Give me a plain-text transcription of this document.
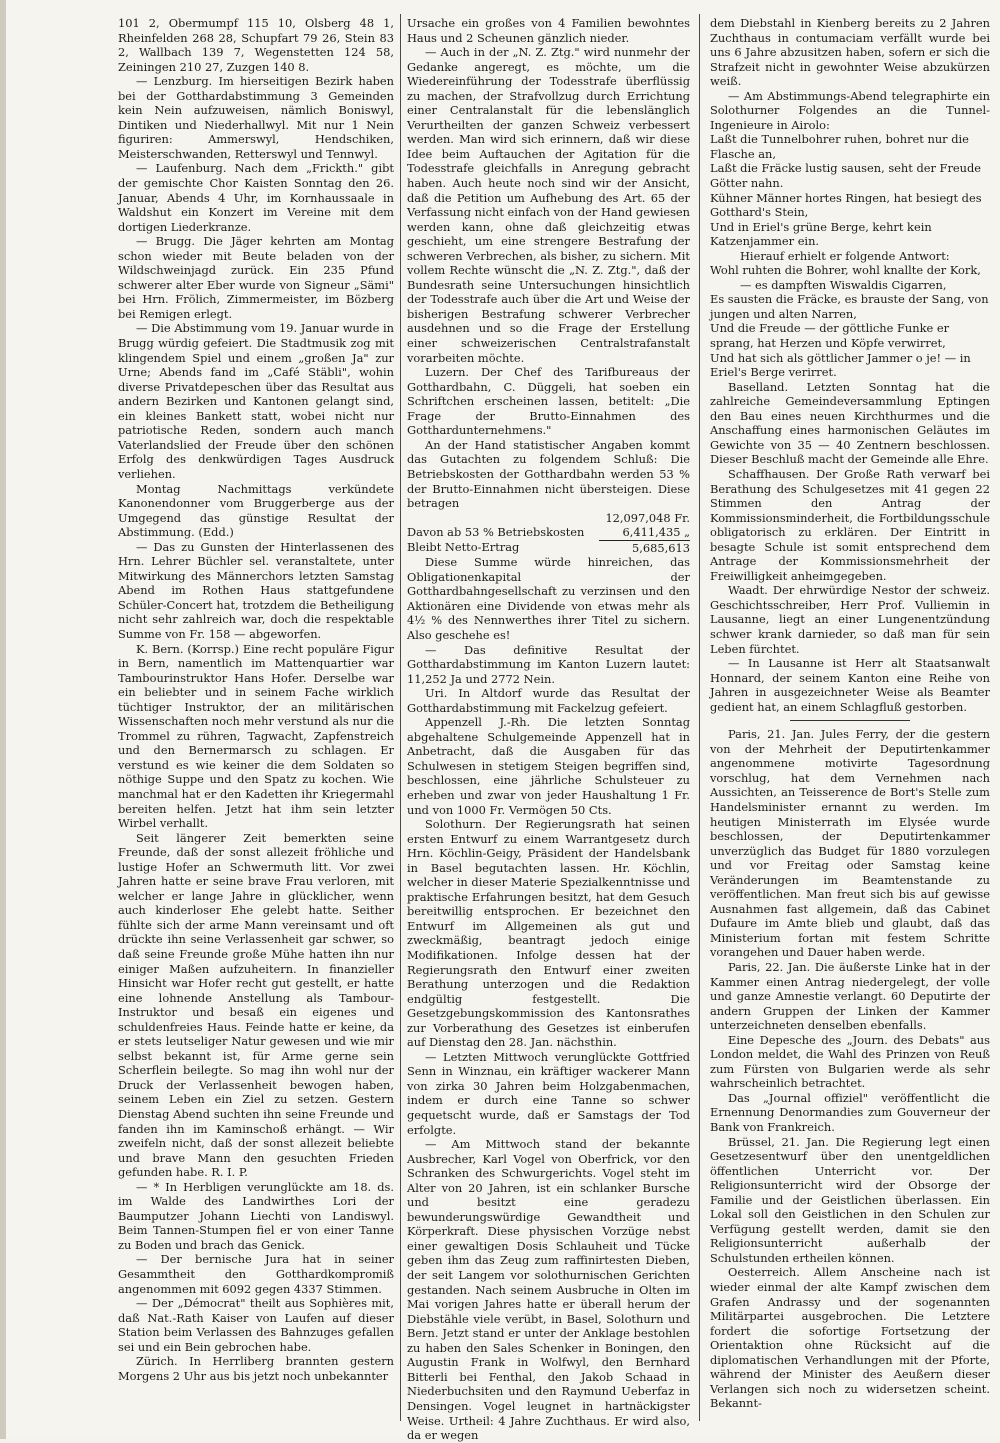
101 2, Obermumpf 115 10, Olsberg 48 1, Rheinfelden 268 28, Schupfart 79 26, Stein 83 2, Wallbach 139 7, Wegenstetten 124 58, Zeiningen 210 27, Zuzgen 140 8.

— Lenzburg. Im hierseitigen Bezirk haben bei der Gotthardabstimmung 3 Gemeinden kein Nein aufzuweisen, nämlich Boniswyl, Dintiken und Niederhallwyl. Mit nur 1 Nein figuriren: Ammerswyl, Hendschiken, Meisterschwanden, Retterswyl und Tennwyl.

— Laufenburg. Nach dem „Frickth." gibt der gemischte Chor Kaisten Sonntag den 26. Januar, Abends 4 Uhr, im Kornhaussaale in Waldshut ein Konzert im Vereine mit dem dortigen Liederkranze.

— Brugg. Die Jäger kehrten am Montag schon wieder mit Beute beladen von der Wildschweinjagd zurück. Ein 235 Pfund schwerer alter Eber wurde von Signeur „Sämi" bei Hrn. Frölich, Zimmermeister, im Bözberg bei Remigen erlegt.

— Die Abstimmung vom 19. Januar wurde in Brugg würdig gefeiert. Die Stadtmusik zog mit klingendem Spiel und einem „großen Ja" zur Urne; Abends fand im „Café Stäbli", wohin diverse Privatdepeschen über das Resultat aus andern Bezirken und Kantonen gelangt sind, ein kleines Bankett statt, wobei nicht nur patriotische Reden, sondern auch manch Vaterlandslied der Freude über den schönen Erfolg des denkwürdigen Tages Ausdruck verliehen.

Montag Nachmittags verkündete Kanonendonner vom Bruggerberge aus der Umgegend das günstige Resultat der Abstimmung. (Edd.)

— Das zu Gunsten der Hinterlassenen des Hrn. Lehrer Büchler sel. veranstaltete, unter Mitwirkung des Männerchors letzten Samstag Abend im Rothen Haus stattgefundene Schüler-Concert hat, trotzdem die Betheiligung nicht sehr zahlreich war, doch die respektable Summe von Fr. 158 — abgeworfen.

K. Bern. (Korrsp.) Eine recht populäre Figur in Bern, namentlich im Mattenquartier war Tambourinstruktor Hans Hofer. Derselbe war ein beliebter und in seinem Fache wirklich tüchtiger Instruktor, der an militärischen Wissenschaften noch mehr verstund als nur die Trommel zu rühren, Tagwacht, Zapfenstreich und den Bernermarsch zu schlagen. Er verstund es wie keiner die dem Soldaten so nöthige Suppe und den Spatz zu kochen. Wie manchmal hat er den Kadetten ihr Kriegermahl bereiten helfen. Jetzt hat ihm sein letzter Wirbel verhallt.

Seit längerer Zeit bemerkten seine Freunde, daß der sonst allezeit fröhliche und lustige Hofer an Schwermuth litt. Vor zwei Jahren hatte er seine brave Frau verloren, mit welcher er lange Jahre in glücklicher, wenn auch kinderloser Ehe gelebt hatte. Seither fühlte sich der arme Mann vereinsamt und oft drückte ihn seine Verlassenheit gar schwer, so daß seine Freunde große Mühe hatten ihn nur einiger Maßen aufzuheitern. In finanzieller Hinsicht war Hofer recht gut gestellt, er hatte eine lohnende Anstellung als Tambour-Instruktor und besaß ein eigenes und schuldenfreies Haus. Feinde hatte er keine, da er stets leutseliger Natur gewesen und wie mir selbst bekannt ist, für Arme gerne sein Scherflein beilegte. So mag ihn wohl nur der Druck der Verlassenheit bewogen haben, seinem Leben ein Ziel zu setzen. Gestern Dienstag Abend suchten ihn seine Freunde und fanden ihn im Kaminschoß erhängt. — Wir zweifeln nicht, daß der sonst allezeit beliebte und brave Mann den gesuchten Frieden gefunden habe. R. I. P.

— * In Herbligen verunglückte am 18. ds. im Walde des Landwirthes Lori der Baumputzer Johann Liechti von Landiswyl. Beim Tannen-Stumpen fiel er von einer Tanne zu Boden und brach das Genick.

— Der bernische Jura hat in seiner Gesammtheit den Gotthardkompromiß angenommen mit 6092 gegen 4337 Stimmen.

— Der „Démocrat" theilt aus Sophières mit, daß Nat.-Rath Kaiser von Laufen auf dieser Station beim Verlassen des Bahnzuges gefallen sei und ein Bein gebrochen habe.

Zürich. In Herrliberg brannten gestern Morgens 2 Uhr aus bis jetzt noch unbekannter

Ursache ein großes von 4 Familien bewohntes Haus und 2 Scheunen gänzlich nieder.

— Auch in der „N. Z. Ztg." wird nunmehr der Gedanke angeregt, es möchte, um die Wiedereinführung der Todesstrafe überflüssig zu machen, der Strafvollzug durch Errichtung einer Centralanstalt für die lebenslänglich Verurtheilten der ganzen Schweiz verbessert werden. Man wird sich erinnern, daß wir diese Idee beim Auftauchen der Agitation für die Todesstrafe gleichfalls in Anregung gebracht haben. Auch heute noch sind wir der Ansicht, daß die Petition um Aufhebung des Art. 65 der Verfassung nicht einfach von der Hand gewiesen werden kann, ohne daß gleichzeitig etwas geschieht, um eine strengere Bestrafung der schweren Verbrechen, als bisher, zu sichern. Mit vollem Rechte wünscht die „N. Z. Ztg.", daß der Bundesrath seine Untersuchungen hinsichtlich der Todesstrafe auch über die Art und Weise der bisherigen Bestrafung schwerer Verbrecher ausdehnen und so die Frage der Erstellung einer schweizerischen Centralstrafanstalt vorarbeiten möchte.

Luzern. Der Chef des Tarifbureaus der Gotthardbahn, C. Düggeli, hat soeben ein Schriftchen erscheinen lassen, betitelt: „Die Frage der Brutto-Einnahmen des Gotthardunternehmens."

An der Hand statistischer Angaben kommt das Gutachten zu folgendem Schluß: Die Betriebskosten der Gotthardbahn werden 53 % der Brutto-Einnahmen nicht übersteigen. Diese betragen

	12,097,048 Fr.
Davon ab 53 % Betriebskosten	6,411,435 „
Bleibt Netto-Ertrag	5,685,613

Diese Summe würde hinreichen, das Obligationenkapital der Gotthardbahngesellschaft zu verzinsen und den Aktionären eine Dividende von etwas mehr als 4½ % des Nennwerthes ihrer Titel zu sichern. Also geschehe es!

— Das definitive Resultat der Gotthardabstimmung im Kanton Luzern lautet: 11,252 Ja und 2772 Nein.

Uri. In Altdorf wurde das Resultat der Gotthardabstimmung mit Fackelzug gefeiert.

Appenzell J.-Rh. Die letzten Sonntag abgehaltene Schulgemeinde Appenzell hat in Anbetracht, daß die Ausgaben für das Schulwesen in stetigem Steigen begriffen sind, beschlossen, eine jährliche Schulsteuer zu erheben und zwar von jeder Haushaltung 1 Fr. und von 1000 Fr. Vermögen 50 Cts.

Solothurn. Der Regierungsrath hat seinen ersten Entwurf zu einem Warrantgesetz durch Hrn. Köchlin-Geigy, Präsident der Handelsbank in Basel begutachten lassen. Hr. Köchlin, welcher in dieser Materie Spezialkenntnisse und praktische Erfahrungen besitzt, hat dem Gesuch bereitwillig entsprochen. Er bezeichnet den Entwurf im Allgemeinen als gut und zweckmäßig, beantragt jedoch einige Modifikationen. Infolge dessen hat der Regierungsrath den Entwurf einer zweiten Berathung unterzogen und die Redaktion endgültig festgestellt. Die Gesetzgebungskommission des Kantonsrathes zur Vorberathung des Gesetzes ist einberufen auf Dienstag den 28. Jan. nächsthin.

— Letzten Mittwoch verunglückte Gottfried Senn in Winznau, ein kräftiger wackerer Mann von zirka 30 Jahren beim Holzgabenmachen, indem er durch eine Tanne so schwer gequetscht wurde, daß er Samstags der Tod erfolgte.

— Am Mittwoch stand der bekannte Ausbrecher, Karl Vogel von Oberfrick, vor den Schranken des Schwurgerichts. Vogel steht im Alter von 20 Jahren, ist ein schlanker Bursche und besitzt eine geradezu bewunderungswürdige Gewandtheit und Körperkraft. Diese physischen Vorzüge nebst einer gewaltigen Dosis Schlauheit und Tücke geben ihm das Zeug zum raffinirtesten Dieben, der seit Langem vor solothurnischen Gerichten gestanden. Nach seinem Ausbruche in Olten im Mai vorigen Jahres hatte er überall herum der Diebstähle viele verübt, in Basel, Solothurn und Bern. Jetzt stand er unter der Anklage bestohlen zu haben den Sales Schenker in Boningen, den Augustin Frank in Wolfwyl, den Bernhard Bitterli bei Fenthal, den Jakob Schaad in Niederbuchsiten und den Raymund Ueberfaz in Densingen. Vogel leugnet in hartnäckigster Weise. Urtheil: 4 Jahre Zuchthaus. Er wird also, da er wegen

dem Diebstahl in Kienberg bereits zu 2 Jahren Zuchthaus in contumaciam verfällt wurde bei uns 6 Jahre abzusitzen haben, sofern er sich die Strafzeit nicht in gewohnter Weise abzukürzen weiß.

— Am Abstimmungs-Abend telegraphirte ein Solothurner Folgendes an die Tunnel-Ingenieure in Airolo:

Laßt die Tunnelbohrer ruhen, bohret nur die Flasche an,

Laßt die Fräcke lustig sausen, seht der Freude Götter nahn.

Kühner Männer hortes Ringen, hat besiegt des Gotthard's Stein,

Und in Eriel's grüne Berge, kehrt kein Katzenjammer ein.

Hierauf erhielt er folgende Antwort:

Wohl ruhten die Bohrer, wohl knallte der Kork,

— es dampften Wiswaldis Cigarren,

Es sausten die Fräcke, es brauste der Sang, von jungen und alten Narren,

Und die Freude — der göttliche Funke er sprang, hat Herzen und Köpfe verwirret,

Und hat sich als göttlicher Jammer o je! — in Eriel's Berge verirret.

Baselland. Letzten Sonntag hat die zahlreiche Gemeindeversammlung Eptingen den Bau eines neuen Kirchthurmes und die Anschaffung eines harmonischen Geläutes im Gewichte von 35 — 40 Zentnern beschlossen. Dieser Beschluß macht der Gemeinde alle Ehre.

Schaffhausen. Der Große Rath verwarf bei Berathung des Schulgesetzes mit 41 gegen 22 Stimmen den Antrag der Kommissionsminderheit, die Fortbildungsschule obligatorisch zu erklären. Der Eintritt in besagte Schule ist somit entsprechend dem Antrage der Kommissionsmehrheit der Freiwilligkeit anheimgegeben.

Waadt. Der ehrwürdige Nestor der schweiz. Geschichtsschreiber, Herr Prof. Vulliemin in Lausanne, liegt an einer Lungenentzündung schwer krank darnieder, so daß man für sein Leben fürchtet.

— In Lausanne ist Herr alt Staatsanwalt Honnard, der seinem Kanton eine Reihe von Jahren in ausgezeichneter Weise als Beamter gedient hat, an einem Schlagfluß gestorben.

Paris, 21. Jan. Jules Ferry, der die gestern von der Mehrheit der Deputirtenkammer angenommene motivirte Tagesordnung vorschlug, hat dem Vernehmen nach Aussichten, an Teisserence de Bort's Stelle zum Handelsminister ernannt zu werden. Im heutigen Ministerrath im Elysée wurde beschlossen, der Deputirtenkammer unverzüglich das Budget für 1880 vorzulegen und vor Freitag oder Samstag keine Veränderungen im Beamtenstande zu veröffentlichen. Man freut sich bis auf gewisse Ausnahmen fast allgemein, daß das Cabinet Dufaure im Amte blieb und glaubt, daß das Ministerium fortan mit festem Schritte vorangehen und Dauer haben werde.

Paris, 22. Jan. Die äußerste Linke hat in der Kammer einen Antrag niedergelegt, der volle und ganze Amnestie verlangt. 60 Deputirte der andern Gruppen der Linken der Kammer unterzeichneten denselben ebenfalls.

Eine Depesche des „Journ. des Debats" aus London meldet, die Wahl des Prinzen von Reuß zum Fürsten von Bulgarien werde als sehr wahrscheinlich betrachtet.

Das „Journal offiziel" veröffentlicht die Ernennung Denormandies zum Gouverneur der Bank von Frankreich.

Brüssel, 21. Jan. Die Regierung legt einen Gesetzesentwurf über den unentgeldlichen öffentlichen Unterricht vor. Der Religionsunterricht wird der Obsorge der Familie und der Geistlichen überlassen. Ein Lokal soll den Geistlichen in den Schulen zur Verfügung gestellt werden, damit sie den Religionsunterricht außerhalb der Schulstunden ertheilen können.

Oesterreich. Allem Anscheine nach ist wieder einmal der alte Kampf zwischen dem Grafen Andrassy und der sogenannten Militärpartei ausgebrochen. Die Letztere fordert die sofortige Fortsetzung der Orientaktion ohne Rücksicht auf die diplomatischen Verhandlungen mit der Pforte, während der Minister des Aeußern dieser Verlangen sich noch zu widersetzen scheint. Bekannt-
